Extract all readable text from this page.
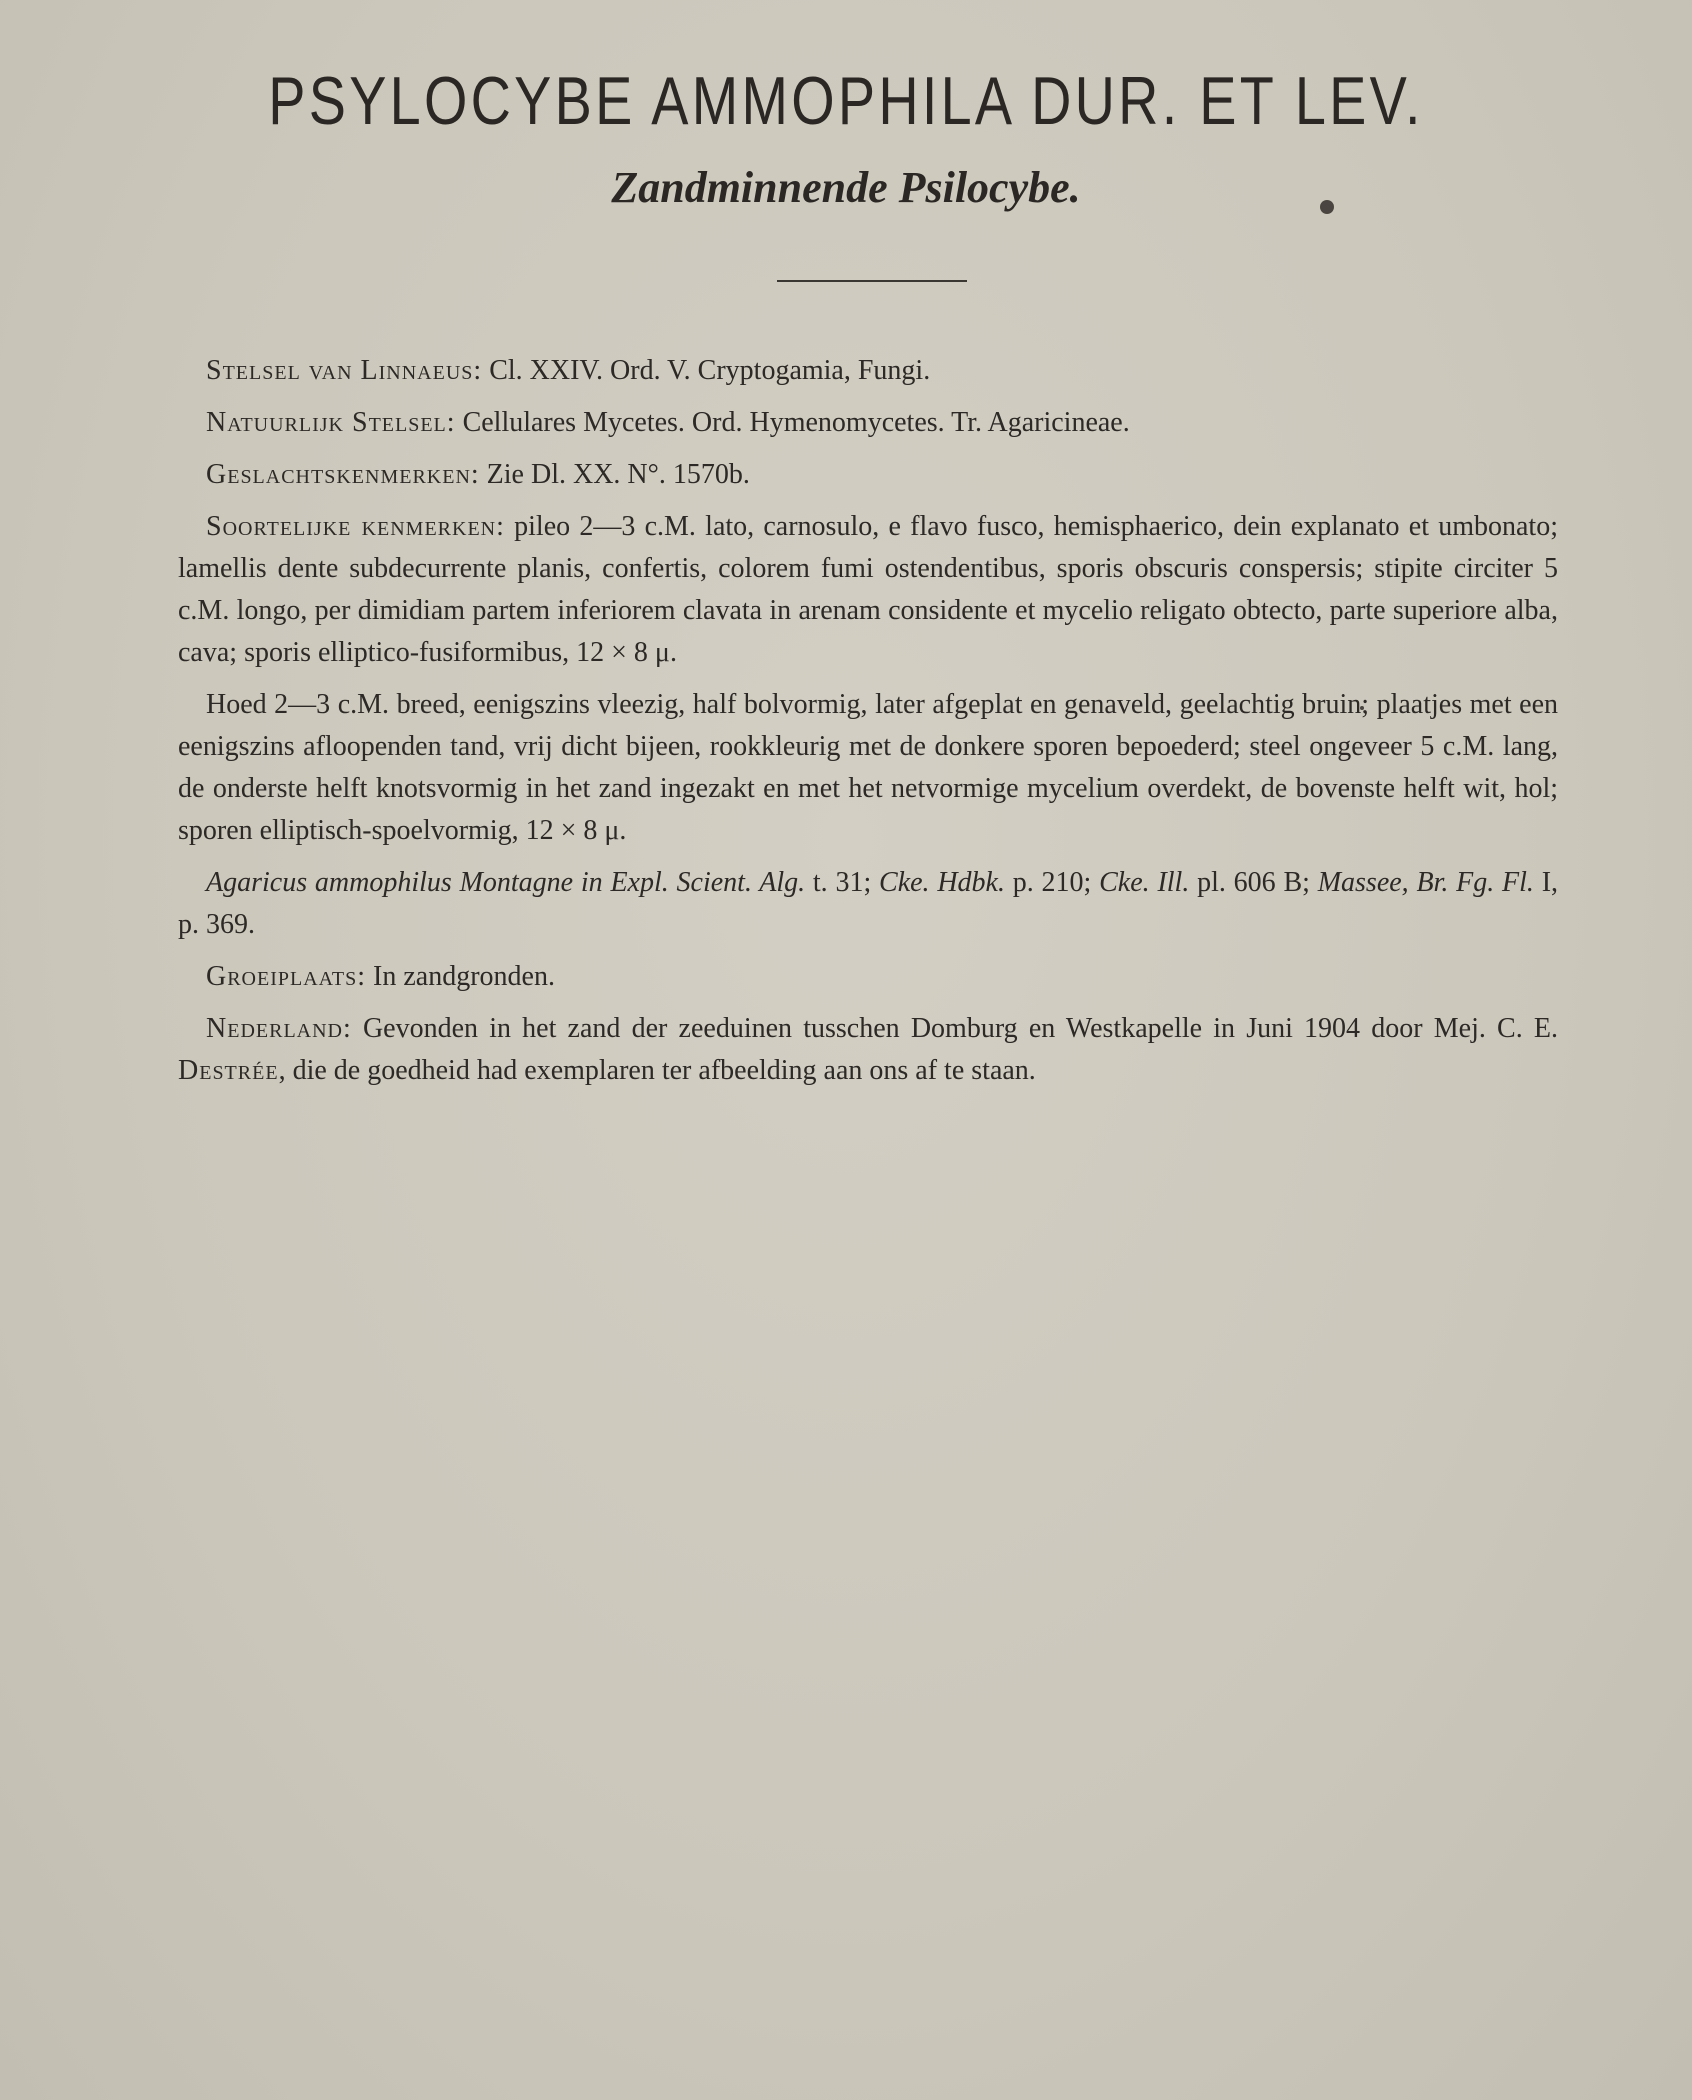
PSYLOCYBE AMMOPHILA DUR. ET LEV.
Zandminnende Psilocybe.

Stelsel van Linnaeus: Cl. XXIV. Ord. V. Cryptogamia, Fungi.

Natuurlijk Stelsel: Cellulares Mycetes. Ord. Hymenomycetes. Tr. Agaricineae.

Geslachtskenmerken: Zie Dl. XX. N°. 1570b.

Soortelijke kenmerken: pileo 2—3 c.M. lato, carnosulo, e flavo fusco, hemisphaerico, dein explanato et umbonato; lamellis dente subdecurrente planis, confertis, colorem fumi ostendentibus, sporis obscuris conspersis; stipite circiter 5 c.M. longo, per dimidiam partem inferiorem clavata in arenam considente et mycelio religato obtecto, parte superiore alba, cava; sporis elliptico-fusiformibus, 12 × 8 μ.

Hoed 2—3 c.M. breed, eenigszins vleezig, half bolvormig, later afgeplat en genaveld, geelachtig bruin; plaatjes met een eenigszins afloopenden tand, vrij dicht bijeen, rookkleurig met de donkere sporen bepoederd; steel ongeveer 5 c.M. lang, de onderste helft knotsvormig in het zand ingezakt en met het netvormige mycelium overdekt, de bovenste helft wit, hol; sporen elliptisch-spoelvormig, 12 × 8 μ.

Agaricus ammophilus Montagne in Expl. Scient. Alg. t. 31; Cke. Hdbk. p. 210; Cke. Ill. pl. 606 B; Massee, Br. Fg. Fl. I, p. 369.

Groeiplaats: In zandgronden.

Nederland: Gevonden in het zand der zeeduinen tusschen Domburg en Westkapelle in Juni 1904 door Mej. C. E. Destrée, die de goedheid had exemplaren ter afbeelding aan ons af te staan.
